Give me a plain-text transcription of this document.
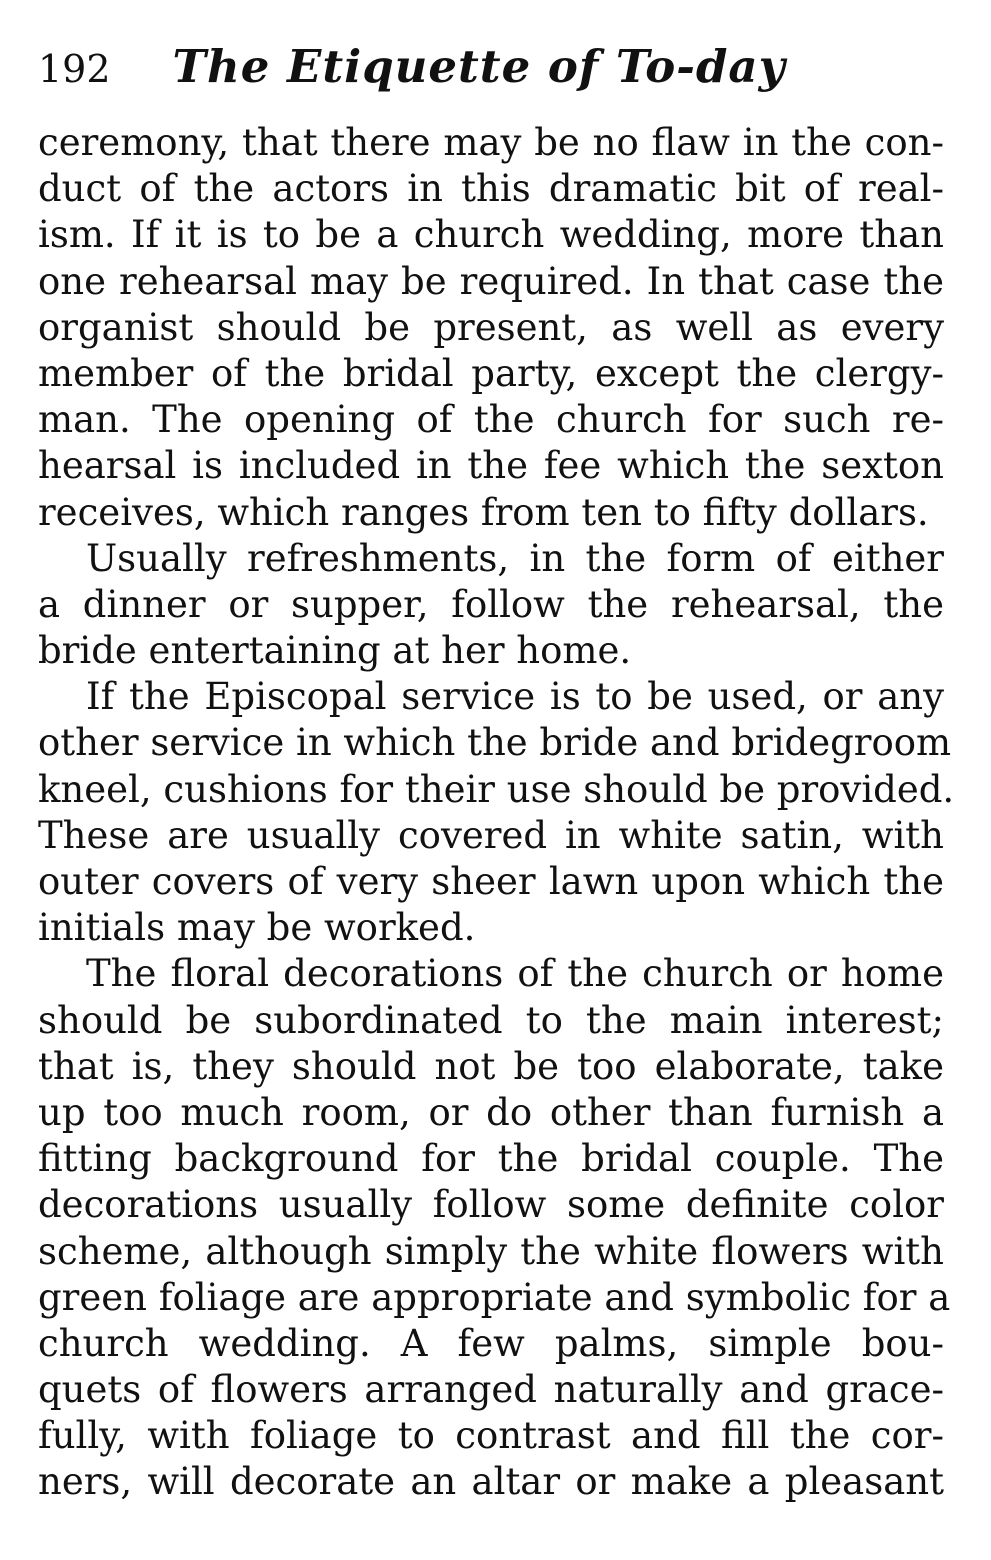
192 The Etiquette of To-day
ceremony, that there may be no flaw in the con-
duct of the actors in this dramatic bit of real-
ism. If it is to be a church wedding, more than
one rehearsal may be required. In that case the
organist should be present, as well as every
member of the bridal party, except the clergy-
man. The opening of the church for such re-
hearsal is included in the fee which the sexton
receives, which ranges from ten to fifty dollars.
Usually refreshments, in the form of either
a dinner or supper, follow the rehearsal, the
bride entertaining at her home.
If the Episcopal service is to be used, or any
other service in which the bride and bridegroom
kneel, cushions for their use should be provided.
These are usually covered in white satin, with
outer covers of very sheer lawn upon which the
initials may be worked.
The floral decorations of the church or home
should be subordinated to the main interest;
that is, they should not be too elaborate, take
up too much room, or do other than furnish a
fitting background for the bridal couple. The
decorations usually follow some definite color
scheme, although simply the white flowers with
green foliage are appropriate and symbolic for a
church wedding. A few palms, simple bou-
quets of flowers arranged naturally and grace-
fully, with foliage to contrast and fill the cor-
ners, will decorate an altar or make a pleasant
